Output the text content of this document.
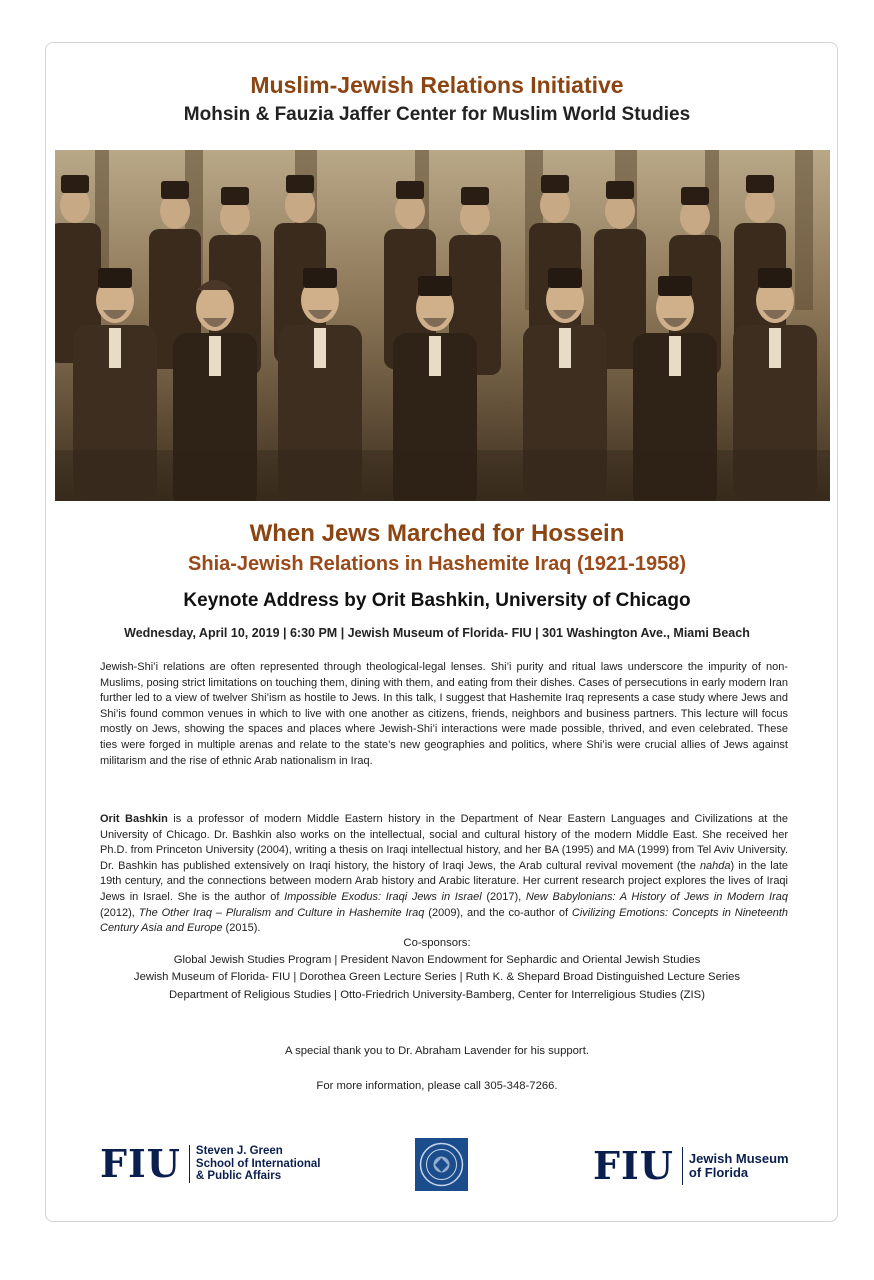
Muslim-Jewish Relations Initiative
Mohsin & Fauzia Jaffer Center for Muslim World Studies
When Jews Marched for Hossein
Shia-Jewish Relations in Hashemite Iraq (1921-1958)
Keynote Address by Orit Bashkin, University of Chicago
Wednesday, April 10, 2019 | 6:30 PM | Jewish Museum of Florida- FIU | 301 Washington Ave., Miami Beach

Jewish-Shi’i relations are often represented through theological-legal lenses. Shi’i purity and ritual laws underscore the impurity of non-Muslims, posing strict limitations on touching them, dining with them, and eating from their dishes. Cases of persecutions in early modern Iran further led to a view of twelver Shi’ism as hostile to Jews. In this talk, I suggest that Hashemite Iraq represents a case study where Jews and Shi’is found common venues in which to live with one another as citizens, friends, neighbors and business partners. This lecture will focus mostly on Jews, showing the spaces and places where Jewish-Shi’i interactions were made possible, thrived, and even celebrated. These ties were forged in multiple arenas and relate to the state’s new geographies and politics, where Shi’is were crucial allies of Jews against militarism and the rise of ethnic Arab nationalism in Iraq.

Orit Bashkin is a professor of modern Middle Eastern history in the Department of Near Eastern Languages and Civilizations at the University of Chicago. Dr. Bashkin also works on the intellectual, social and cultural history of the modern Middle East. She received her Ph.D. from Princeton University (2004), writing a thesis on Iraqi intellectual history, and her BA (1995) and MA (1999) from Tel Aviv University. Dr. Bashkin has published extensively on Iraqi history, the history of Iraqi Jews, the Arab cultural revival movement (the nahda) in the late 19th century, and the connections between modern Arab history and Arabic literature. Her current research project explores the lives of Iraqi Jews in Israel. She is the author of Impossible Exodus: Iraqi Jews in Israel (2017), New Babylonians: A History of Jews in Modern Iraq (2012), The Other Iraq – Pluralism and Culture in Hashemite Iraq (2009), and the co-author of Civilizing Emotions: Concepts in Nineteenth Century Asia and Europe (2015).

Co-sponsors:
Global Jewish Studies Program | President Navon Endowment for Sephardic and Oriental Jewish Studies
Jewish Museum of Florida- FIU | Dorothea Green Lecture Series | Ruth K. & Shepard Broad Distinguished Lecture Series
Department of Religious Studies | Otto-Friedrich University-Bamberg, Center for Interreligious Studies (ZIS)
A special thank you to Dr. Abraham Lavender for his support.
For more information, please call 305-348-7266.
FIU Steven J. Green
School of International
& Public Affairs	FIU Jewish Museum
of Florida
